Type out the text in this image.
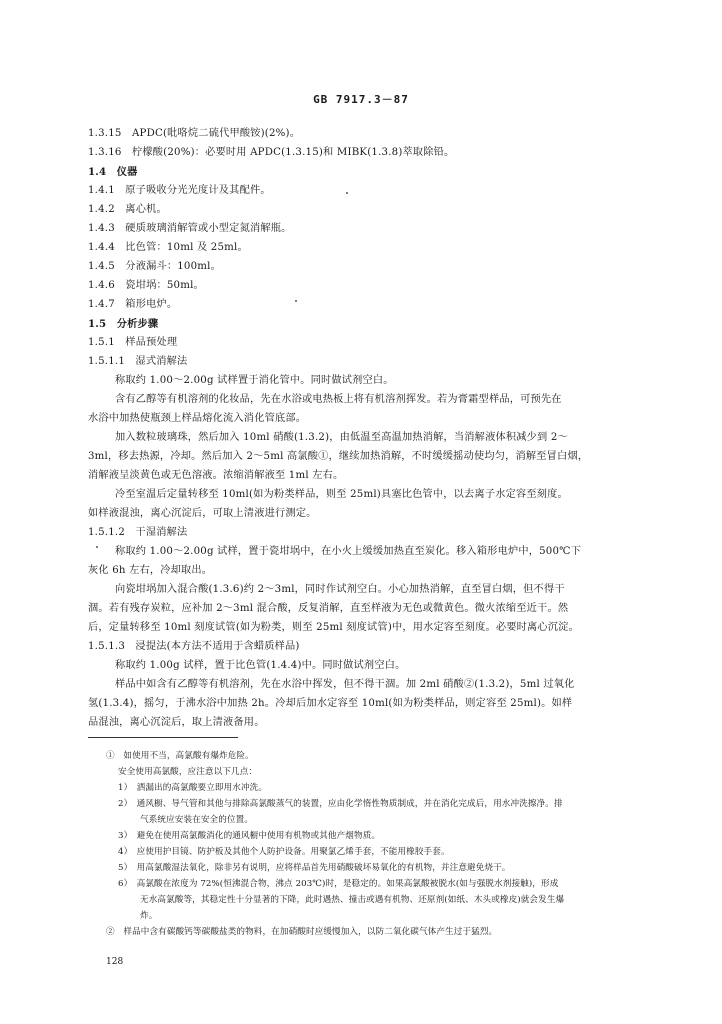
GB 7917.3－87
1.3.15　APDC(吡咯烷二硫代甲酸铵)(2%)。
1.3.16　柠檬酸(20%)：必要时用 APDC(1.3.15)和 MIBK(1.3.8)萃取除铅。
1.4　仪器
1.4.1　原子吸收分光光度计及其配件。
1.4.2　离心机。
1.4.3　硬质玻璃消解管或小型定氮消解瓶。
1.4.4　比色管：10ml 及 25ml。
1.4.5　分液漏斗：100ml。
1.4.6　瓷坩埚：50ml。
1.4.7　箱形电炉。
1.5　分析步骤
1.5.1　样品预处理
1.5.1.1　湿式消解法
称取约 1.00～2.00g 试样置于消化管中。同时做试剂空白。
含有乙醇等有机溶剂的化妆品，先在水浴或电热板上将有机溶剂挥发。若为膏霜型样品，可预先在
水浴中加热使瓶颈上样品熔化流入消化管底部。
加入数粒玻璃珠，然后加入 10ml 硝酸(1.3.2)，由低温至高温加热消解，当消解液体积减少到 2～
3ml，移去热源，冷却。然后加入 2～5ml 高氯酸①，继续加热消解，不时缓缓摇动使均匀，消解至冒白烟，
消解液呈淡黄色或无色溶液。浓缩消解液至 1ml 左右。
冷至室温后定量转移至 10ml(如为粉类样品，则至 25ml)具塞比色管中，以去离子水定容至刻度。
如样液混浊，离心沉淀后，可取上清液进行测定。
1.5.1.2　干湿消解法
称取约 1.00～2.00g 试样，置于瓷坩埚中，在小火上缓缓加热直至炭化。移入箱形电炉中，500℃下
灰化 6h 左右，冷却取出。
向瓷坩埚加入混合酸(1.3.6)约 2～3ml，同时作试剂空白。小心加热消解，直至冒白烟，但不得干
涸。若有残存炭粒，应补加 2～3ml 混合酸，反复消解，直至样液为无色或微黄色。微火浓缩至近干。然
后，定量转移至 10ml 刻度试管(如为粉类，则至 25ml 刻度试管)中，用水定容至刻度。必要时离心沉淀。
1.5.1.3　浸提法(本方法不适用于含蜡质样品)
称取约 1.00g 试样，置于比色管(1.4.4)中。同时做试剂空白。
样品中如含有乙醇等有机溶剂，先在水浴中挥发，但不得干涸。加 2ml 硝酸②(1.3.2)，5ml 过氧化
氢(1.3.4)，摇匀，于沸水浴中加热 2h。冷却后加水定容至 10ml(如为粉类样品，则定容至 25ml)。如样
品混浊，离心沉淀后，取上清液备用。
①　如使用不当，高氯酸有爆炸危险。
安全使用高氯酸，应注意以下几点：
1）　洒漏出的高氯酸要立即用水冲洗。
2）　通风橱、导气管和其他与排除高氯酸蒸气的装置，应由化学惰性物质制成，并在消化完成后，用水冲洗擦净。排
气系统应安装在安全的位置。
3）　避免在使用高氯酸消化的通风橱中使用有机物或其他产烟物质。
4）　应使用护目镜、防护板及其他个人防护设备。用聚氯乙烯手套，不能用橡胶手套。
5）　用高氯酸湿法氧化，除非另有说明，应将样品首先用硝酸破坏易氧化的有机物，并注意避免烧干。
6）　高氯酸在浓度为 72%(恒沸混合物，沸点 203℃)时，是稳定的。如果高氯酸被脱水(如与强脱水剂接触)，形成
无水高氯酸等，其稳定性十分显著的下降，此时遇热、撞击或遇有机物、还原剂(如纸、木头或橡皮)就会发生爆
炸。
②　样品中含有碳酸钙等碳酸盐类的物料，在加硝酸时应缓慢加入，以防二氧化碳气体产生过于猛烈。
128
